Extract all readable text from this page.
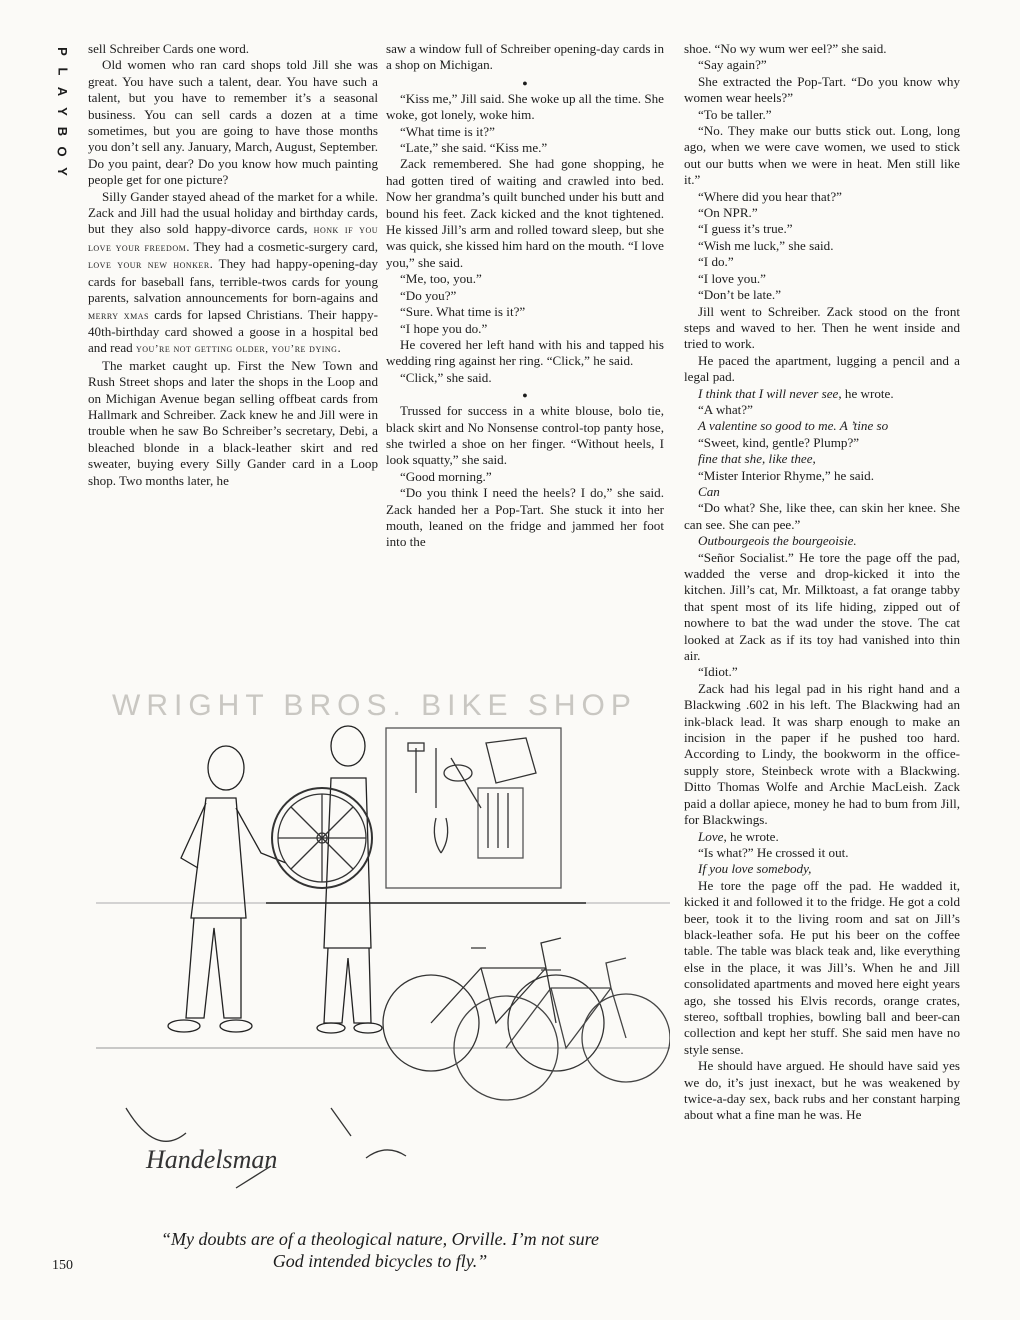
P
L
A
Y
B
O
Y

sell Schreiber Cards one word.

Old women who ran card shops told Jill she was great. You have such a talent, dear. You have such a talent, but you have to remember it’s a seasonal business. You can sell cards a dozen at a time sometimes, but you are going to have those months you don’t sell any. January, March, August, September. Do you paint, dear? Do you know how much painting people get for one picture?

Silly Gander stayed ahead of the market for a while. Zack and Jill had the usual holiday and birthday cards, but they also sold happy-divorce cards, honk if you love your freedom. They had a cosmetic-surgery card, love your new honker. They had happy-opening-day cards for baseball fans, terrible-twos cards for young parents, salvation announcements for born-agains and merry xmas cards for lapsed Christians. Their happy-40th-birthday card showed a goose in a hospital bed and read you’re not getting older, you’re dying.

The market caught up. First the New Town and Rush Street shops and later the shops in the Loop and on Michigan Avenue began selling offbeat cards from Hallmark and Schreiber. Zack knew he and Jill were in trouble when he saw Bo Schreiber’s secretary, Debi, a bleached blonde in a black-leather skirt and red sweater, buying every Silly Gander card in a Loop shop. Two months later, he

saw a window full of Schreiber opening-day cards in a shop on Michigan.

●

“Kiss me,” Jill said. She woke up all the time. She woke, got lonely, woke him.

“What time is it?”

“Late,” she said. “Kiss me.”

Zack remembered. She had gone shopping, he had gotten tired of waiting and crawled into bed. Now her grandma’s quilt bunched under his butt and bound his feet. Zack kicked and the knot tightened. He kissed Jill’s arm and rolled toward sleep, but she was quick, she kissed him hard on the mouth. “I love you,” she said.

“Me, too, you.”

“Do you?”

“Sure. What time is it?”

“I hope you do.”

He covered her left hand with his and tapped his wedding ring against her ring. “Click,” he said.

“Click,” she said.

●

Trussed for success in a white blouse, bolo tie, black skirt and No Nonsense control-top panty hose, she twirled a shoe on her finger. “Without heels, I look squatty,” she said.

“Good morning.”

“Do you think I need the heels? I do,” she said. Zack handed her a Pop-Tart. She stuck it into her mouth, leaned on the fridge and jammed her foot into the

shoe. “No wy wum wer eel?” she said.

“Say again?”

She extracted the Pop-Tart. “Do you know why women wear heels?”

“To be taller.”

“No. They make our butts stick out. Long, long ago, when we were cave women, we used to stick out our butts when we were in heat. Men still like it.”

“Where did you hear that?”

“On NPR.”

“I guess it’s true.”

“Wish me luck,” she said.

“I do.”

“I love you.”

“Don’t be late.”

Jill went to Schreiber. Zack stood on the front steps and waved to her. Then he went inside and tried to work.

He paced the apartment, lugging a pencil and a legal pad.

I think that I will never see, he wrote.

“A what?”

A valentine so good to me. A ’tine so

“Sweet, kind, gentle? Plump?”

fine that she, like thee,

“Mister Interior Rhyme,” he said.

Can

“Do what? She, like thee, can skin her knee. She can see. She can pee.”

Outbourgeois the bourgeoisie.

“Señor Socialist.” He tore the page off the pad, wadded the verse and drop-kicked it into the kitchen. Jill’s cat, Mr. Milktoast, a fat orange tabby that spent most of its life hiding, zipped out of nowhere to bat the wad under the stove. The cat looked at Zack as if its toy had vanished into thin air.

“Idiot.”

Zack had his legal pad in his right hand and a Blackwing .602 in his left. The Blackwing had an ink-black lead. It was sharp enough to make an incision in the paper if he pushed too hard. According to Lindy, the bookworm in the office-supply store, Steinbeck wrote with a Blackwing. Ditto Thomas Wolfe and Archie MacLeish. Zack paid a dollar apiece, money he had to bum from Jill, for Blackwings.

Love, he wrote.

“Is what?” He crossed it out.

If you love somebody,

He tore the page off the pad. He wadded it, kicked it and followed it to the fridge. He got a cold beer, took it to the living room and sat on Jill’s black-leather sofa. He put his beer on the coffee table. The table was black teak and, like everything else in the place, it was Jill’s. When he and Jill consolidated apartments and moved here eight years ago, she tossed his Elvis records, orange crates, stereo, softball trophies, bowling ball and beer-can collection and kept her stuff. She said men have no style sense.

He should have argued. He should have said yes we do, it’s just inexact, but he was weakened by twice-a-day sex, back rubs and her constant harping about what a fine man he was. He

WRIGHT BROS. BIKE SHOP
Handelsman
“My doubts are of a theological nature, Orville. I’m not sure God intended bicycles to fly.”
150
